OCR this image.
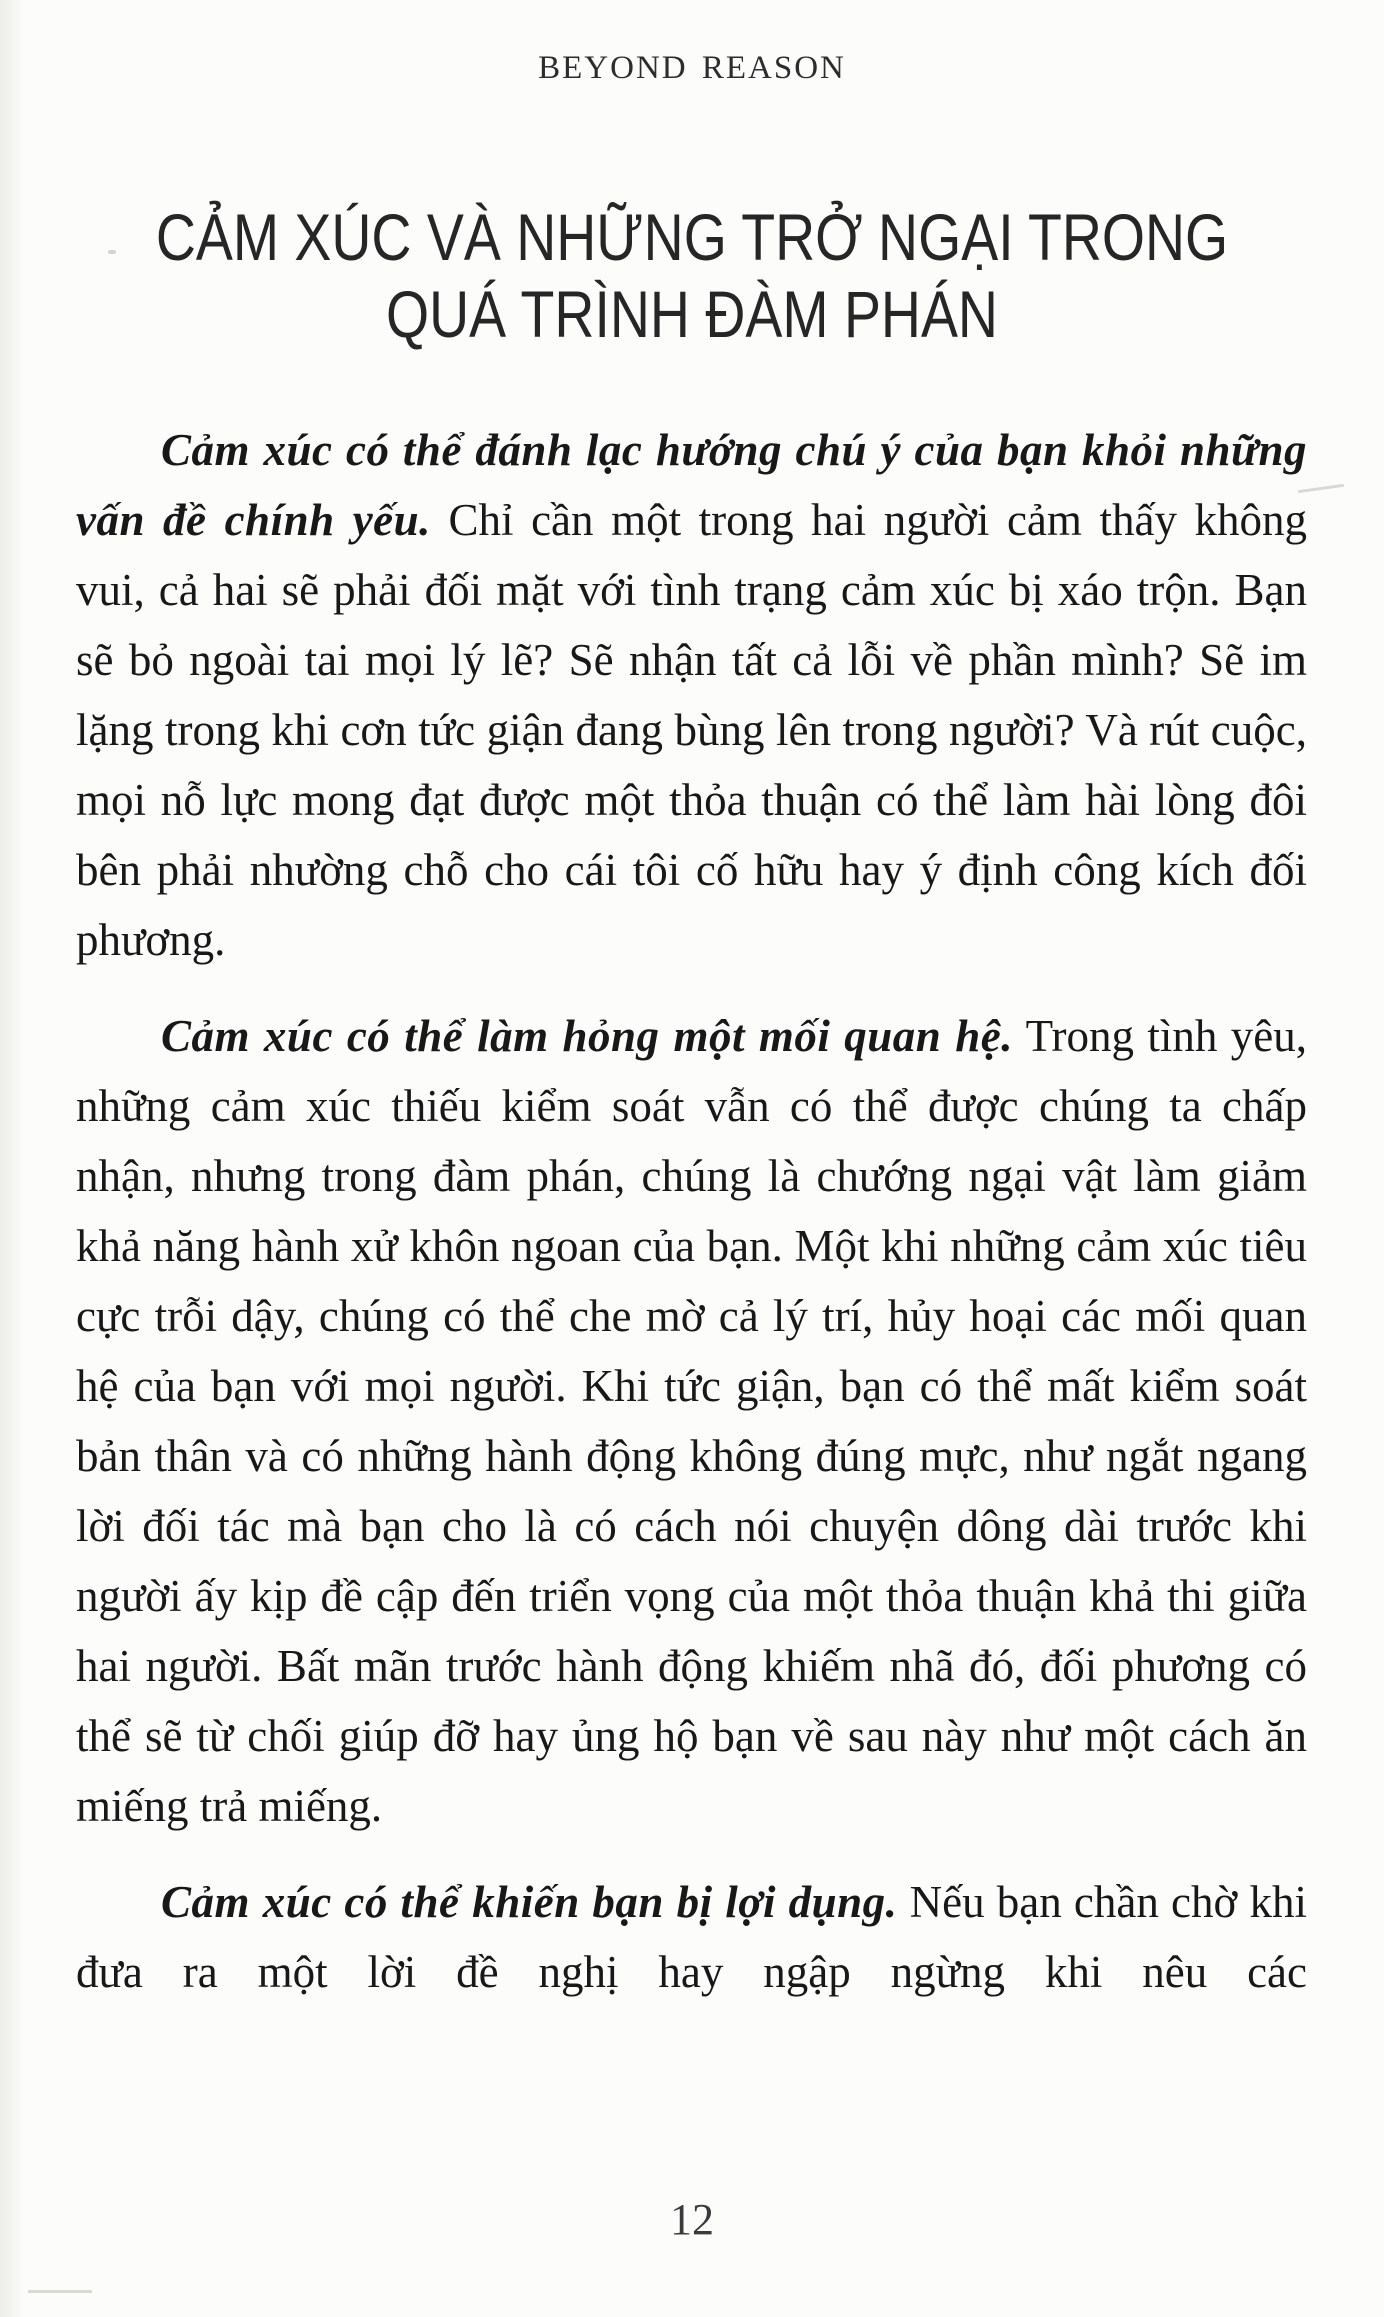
BEYOND REASON
CẢM XÚC VÀ NHỮNG TRỞ NGẠI TRONG
QUÁ TRÌNH ĐÀM PHÁN

Cảm xúc có thể đánh lạc hướng chú ý của bạn khỏi những vấn đề chính yếu. Chỉ cần một trong hai người cảm thấy không vui, cả hai sẽ phải đối mặt với tình trạng cảm xúc bị xáo trộn. Bạn sẽ bỏ ngoài tai mọi lý lẽ? Sẽ nhận tất cả lỗi về phần mình? Sẽ im lặng trong khi cơn tức giận đang bùng lên trong người? Và rút cuộc, mọi nỗ lực mong đạt được một thỏa thuận có thể làm hài lòng đôi bên phải nhường chỗ cho cái tôi cố hữu hay ý định công kích đối phương.

Cảm xúc có thể làm hỏng một mối quan hệ. Trong tình yêu, những cảm xúc thiếu kiểm soát vẫn có thể được chúng ta chấp nhận, nhưng trong đàm phán, chúng là chướng ngại vật làm giảm khả năng hành xử khôn ngoan của bạn. Một khi những cảm xúc tiêu cực trỗi dậy, chúng có thể che mờ cả lý trí, hủy hoại các mối quan hệ của bạn với mọi người. Khi tức giận, bạn có thể mất kiểm soát bản thân và có những hành động không đúng mực, như ngắt ngang lời đối tác mà bạn cho là có cách nói chuyện dông dài trước khi người ấy kịp đề cập đến triển vọng của một thỏa thuận khả thi giữa hai người. Bất mãn trước hành động khiếm nhã đó, đối phương có thể sẽ từ chối giúp đỡ hay ủng hộ bạn về sau này như một cách ăn miếng trả miếng.

Cảm xúc có thể khiến bạn bị lợi dụng. Nếu bạn chần chờ khi đưa ra một lời đề nghị hay ngập ngừng khi nêu các

12
